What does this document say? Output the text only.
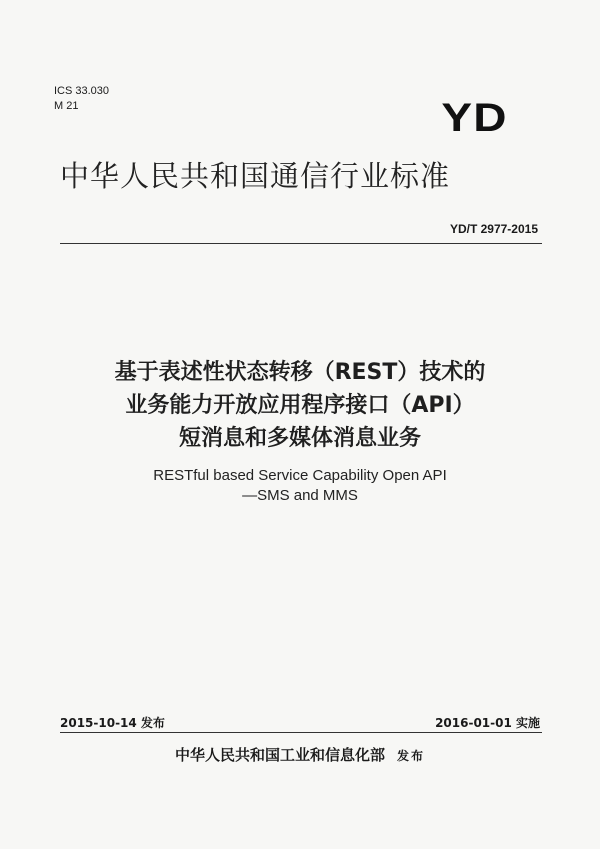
ICS 33.030
M 21	YD
中华人民共和国通信行业标准
YD/T 2977-2015
基于表述性状态转移（REST）技术的
业务能力开放应用程序接口（API）
短消息和多媒体消息业务
RESTful based Service Capability Open API
—SMS and MMS
2015-10-14 发布	2016-01-01 实施
中华人民共和国工业和信息化部 发布
